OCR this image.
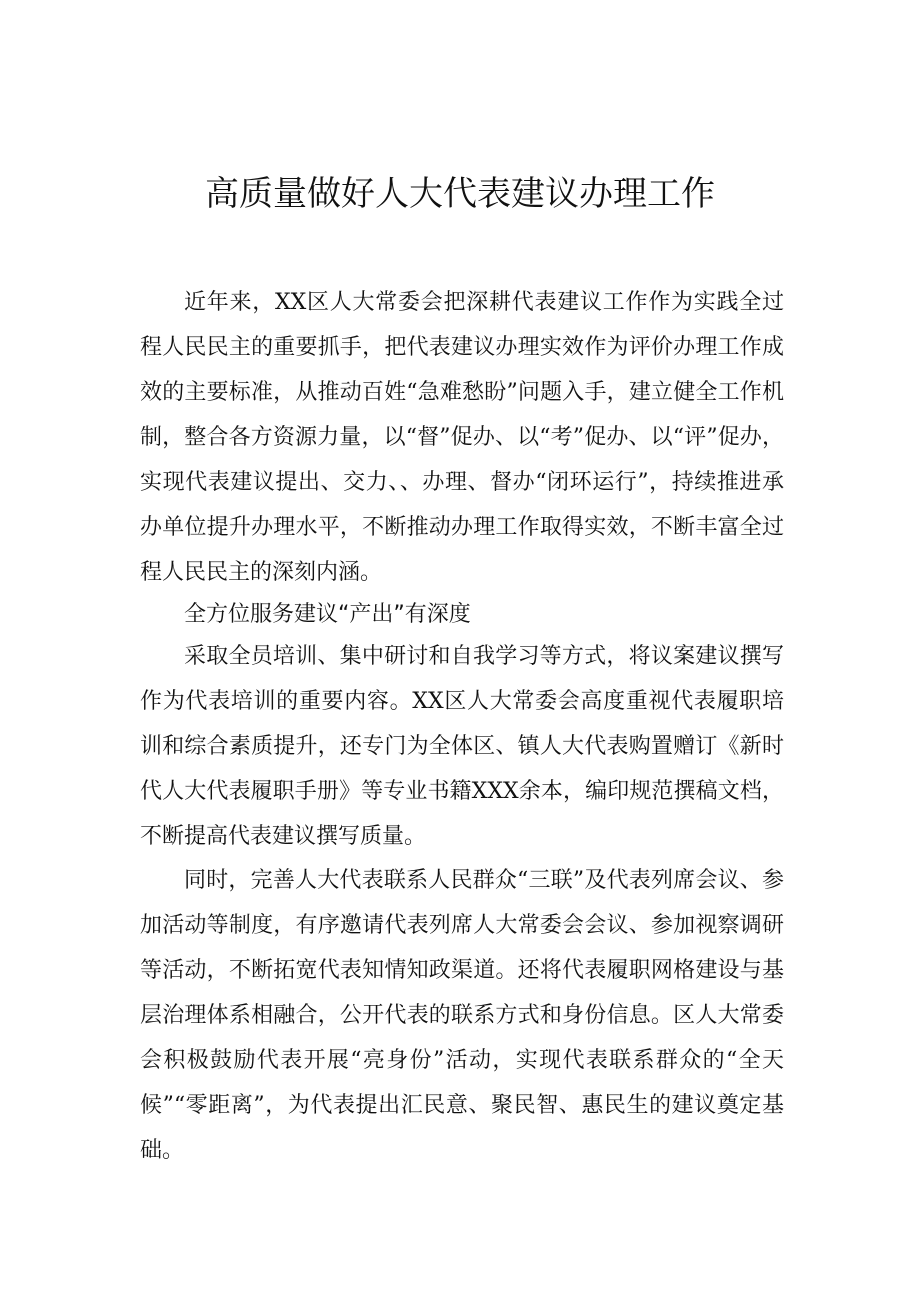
高质量做好人大代表建议办理工作

近年来，XX区人大常委会把深耕代表建议工作作为实践全过程人民民主的重要抓手，把代表建议办理实效作为评价办理工作成效的主要标准，从推动百姓“急难愁盼”问题入手，建立健全工作机制，整合各方资源力量，以“督”促办、以“考”促办、以“评”促办，实现代表建议提出、交力、、办理、督办“闭环运行”，持续推进承办单位提升办理水平，不断推动办理工作取得实效，不断丰富全过程人民民主的深刻内涵。

全方位服务建议“产出”有深度

采取全员培训、集中研讨和自我学习等方式，将议案建议撰写作为代表培训的重要内容。XX区人大常委会高度重视代表履职培训和综合素质提升，还专门为全体区、镇人大代表购置赠订《新时代人大代表履职手册》等专业书籍XXX余本，编印规范撰稿文档，不断提高代表建议撰写质量。

同时，完善人大代表联系人民群众“三联”及代表列席会议、参加活动等制度，有序邀请代表列席人大常委会会议、参加视察调研等活动，不断拓宽代表知情知政渠道。还将代表履职网格建设与基层治理体系相融合，公开代表的联系方式和身份信息。区人大常委会积极鼓励代表开展“亮身份”活动，实现代表联系群众的“全天候”“零距离”，为代表提出汇民意、聚民智、惠民生的建议奠定基础。
